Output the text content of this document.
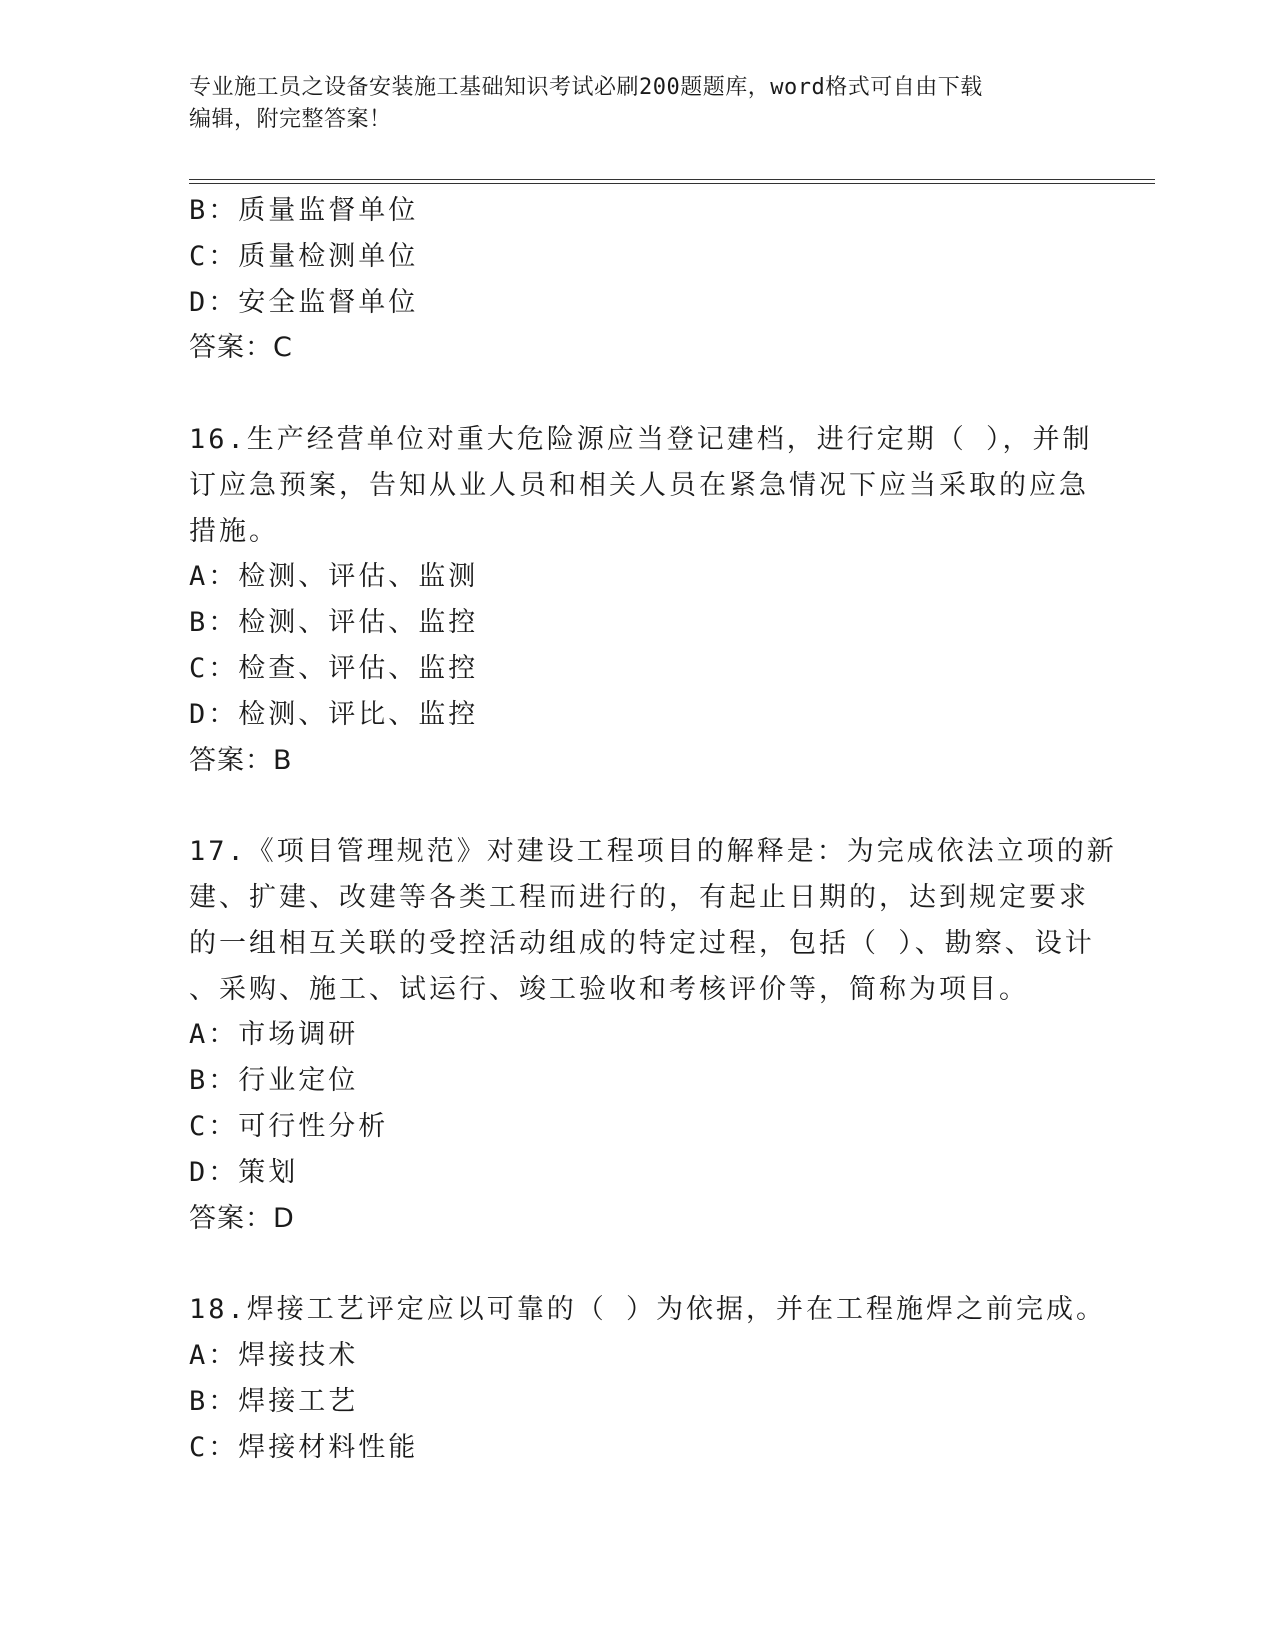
专业施工员之设备安装施工基础知识考试必刷200题题库，word格式可自由下载
编辑，附完整答案！
B：质量监督单位
C：质量检测单位
D：安全监督单位
答案：C
16.生产经营单位对重大危险源应当登记建档，进行定期（ ），并制
订应急预案，告知从业人员和相关人员在紧急情况下应当采取的应急
措施。
A：检测、评估、监测
B：检测、评估、监控
C：检查、评估、监控
D：检测、评比、监控
答案：B
17.《项目管理规范》对建设工程项目的解释是：为完成依法立项的新
建、扩建、改建等各类工程而进行的，有起止日期的，达到规定要求
的一组相互关联的受控活动组成的特定过程，包括（ ）、勘察、设计
、采购、施工、试运行、竣工验收和考核评价等，简称为项目。
A：市场调研
B：行业定位
C：可行性分析
D：策划
答案：D
18.焊接工艺评定应以可靠的（ ）为依据，并在工程施焊之前完成。
A：焊接技术
B：焊接工艺
C：焊接材料性能
